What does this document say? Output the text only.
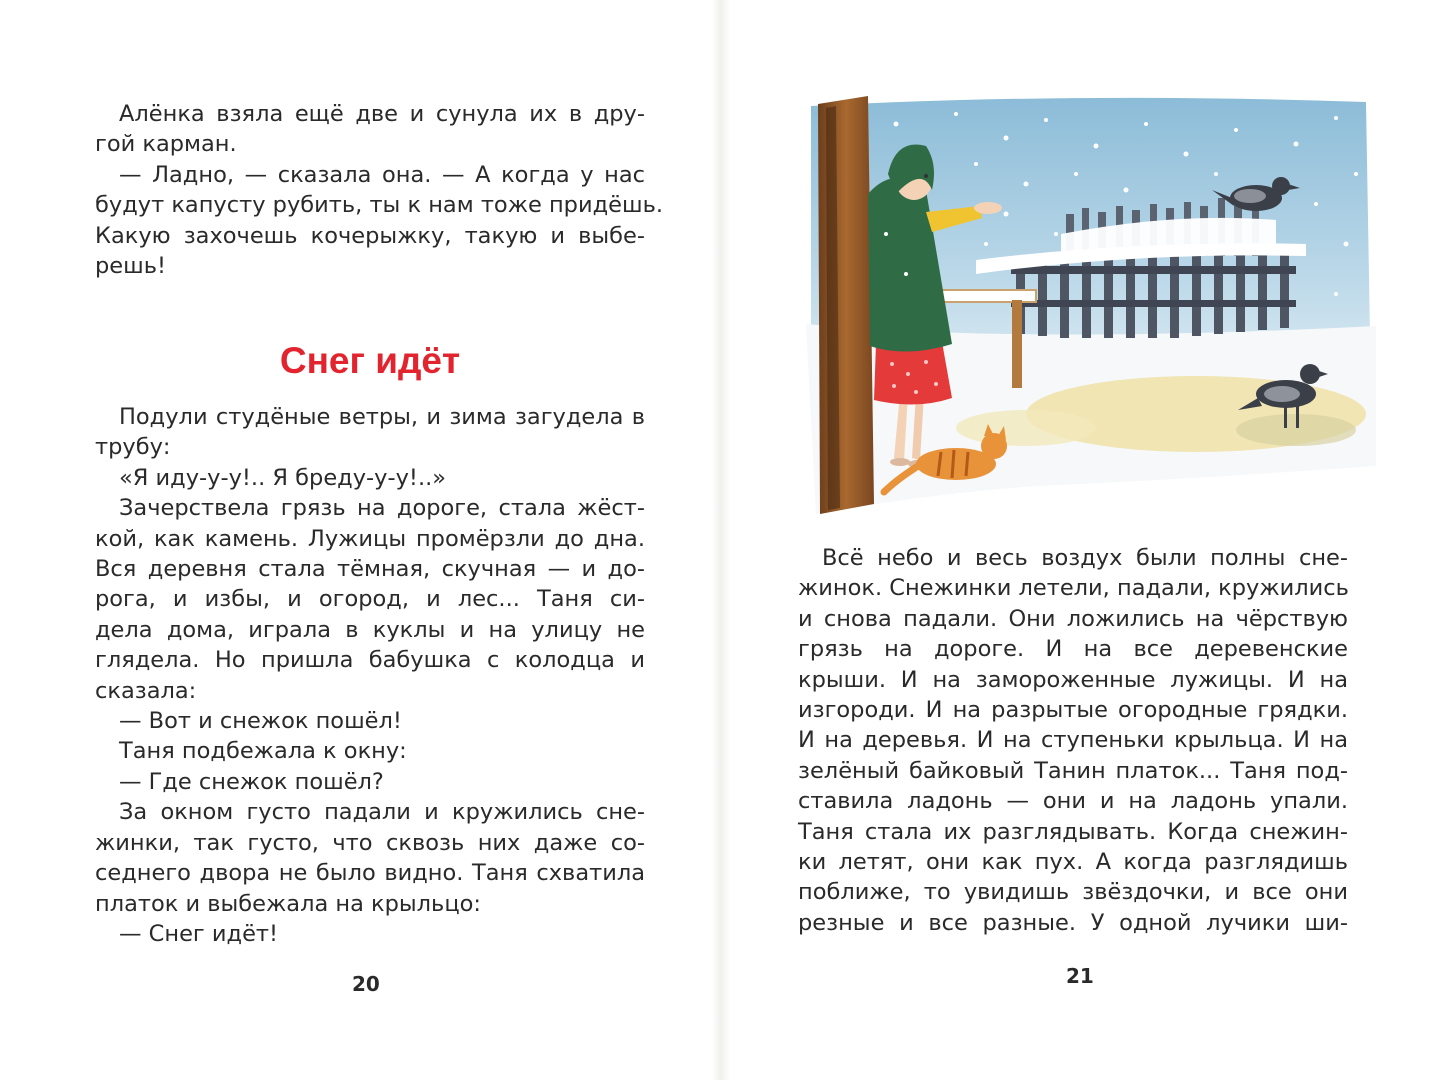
Алёнка взяла ещё две и сунула их в дру-
гой карман.
— Ладно, — сказала она. — А когда у нас
будут капусту рубить, ты к нам тоже придёшь.
Какую захочешь кочерыжку, такую и выбе-
решь!
Снег идёт
Подули студёные ветры, и зима загудела в
трубу:
«Я иду-у-у!.. Я бреду-у-у!..»
Зачерствела грязь на дороге, стала жёст-
кой, как камень. Лужицы промёрзли до дна.
Вся деревня стала тёмная, скучная — и до-
рога, и избы, и огород, и лес... Таня си-
дела дома, играла в куклы и на улицу не
глядела. Но пришла бабушка с колодца и
сказала:
— Вот и снежок пошёл!
Таня подбежала к окну:
— Где снежок пошёл?
За окном густо падали и кружились сне-
жинки, так густо, что сквозь них даже со-
седнего двора не было видно. Таня схватила
платок и выбежала на крыльцо:
— Снег идёт!
20
Всё небо и весь воздух были полны сне-
жинок. Снежинки летели, падали, кружились
и снова падали. Они ложились на чёрствую
грязь на дороге. И на все деревенские
крыши. И на замороженные лужицы. И на
изгороди. И на разрытые огородные грядки.
И на деревья. И на ступеньки крыльца. И на
зелёный байковый Танин платок... Таня под-
ставила ладонь — они и на ладонь упали.
Таня стала их разглядывать. Когда снежин-
ки летят, они как пух. А когда разглядишь
поближе, то увидишь звёздочки, и все они
резные и все разные. У одной лучики ши-
21
